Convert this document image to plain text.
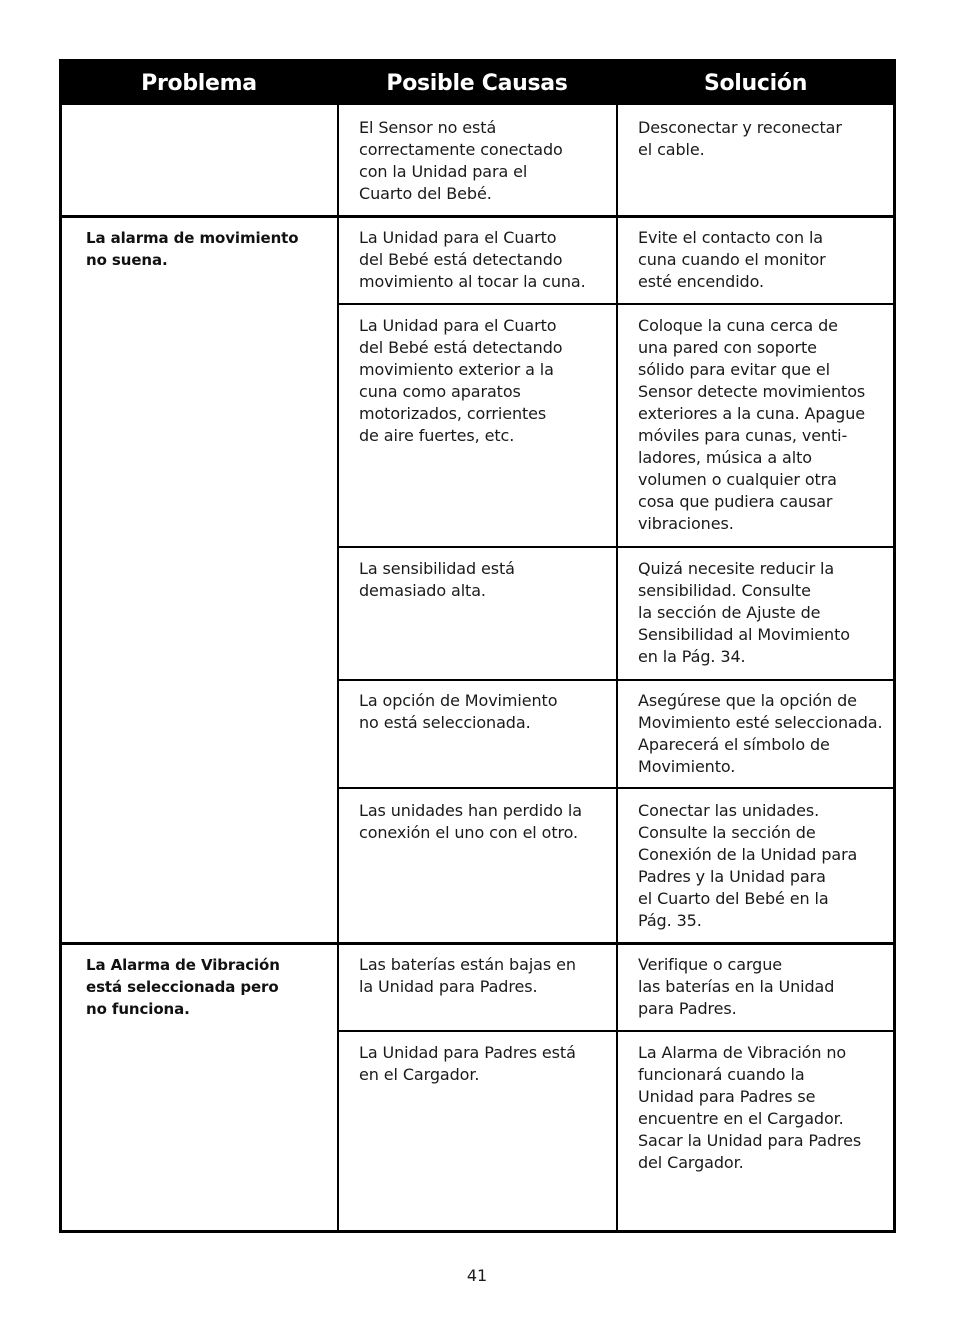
Problema	Posible Causas	Solución
El Sensor no está
correctamente conectado
con la Unidad para el
Cuarto del Bebé.
Desconectar y reconectar
el cable.
La alarma de movimiento
no suena.
La Unidad para el Cuarto
del Bebé está detectando
movimiento al tocar la cuna.
Evite el contacto con la
cuna cuando el monitor
esté encendido.
La Unidad para el Cuarto
del Bebé está detectando
movimiento exterior a la
cuna como aparatos
motorizados, corrientes
de aire fuertes, etc.
Coloque la cuna cerca de
una pared con soporte
sólido para evitar que el
Sensor detecte movimientos
exteriores a la cuna. Apague
móviles para cunas, venti-
ladores, música a alto
volumen o cualquier otra
cosa que pudiera causar
vibraciones.
La sensibilidad está
demasiado alta.
Quizá necesite reducir la
sensibilidad. Consulte
la sección de Ajuste de
Sensibilidad al Movimiento
en la Pág. 34.
La opción de Movimiento
no está seleccionada.
Asegúrese que la opción de
Movimiento esté seleccionada.
Aparecerá el símbolo de
Movimiento.
Las unidades han perdido la
conexión el uno con el otro.
Conectar las unidades.
Consulte la sección de
Conexión de la Unidad para
Padres y la Unidad para
el Cuarto del Bebé en la
Pág. 35.
La Alarma de Vibración
está seleccionada pero
no funciona.
Las baterías están bajas en
la Unidad para Padres.
Verifique o cargue
las baterías en la Unidad
para Padres.
La Unidad para Padres está
en el Cargador.
La Alarma de Vibración no
funcionará cuando la
Unidad para Padres se
encuentre en el Cargador.
Sacar la Unidad para Padres
del Cargador.
41
